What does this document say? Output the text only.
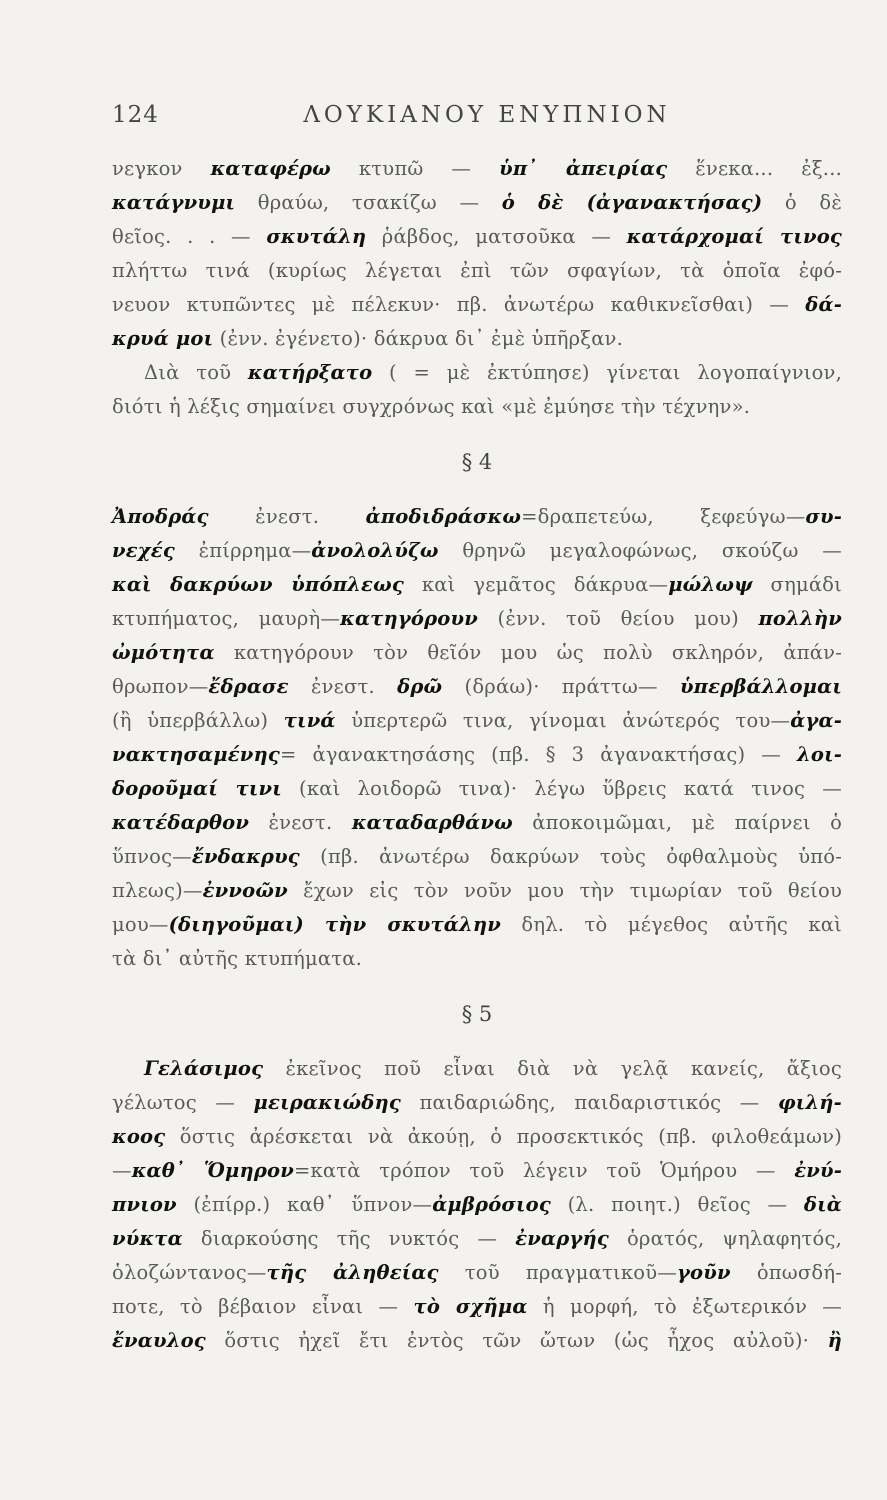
124	ΛΟΥΚΙΑΝΟΥ ΕΝΥΠΝΙΟΝ
νεγκον καταφέρω κτυπῶ — ὑπ᾿ ἀπειρίας ἕνεκα... ἐξ...
κατάγνυμι θραύω, τσακίζω — ὁ δὲ (ἀγανακτήσας) ὁ δὲ
θεῖος. . . — σκυτάλη ῥάβδος, ματσοῦκα — κατάρχομαί τινος
πλήττω τινά (κυρίως λέγεται ἐπὶ τῶν σφαγίων, τὰ ὁποῖα ἐφό-
νευον κτυπῶντες μὲ πέλεκυν· πβ. ἀνωτέρω καθικνεῖσθαι) — δά-
κρυά μοι (ἐνν. ἐγένετο)· δάκρυα δι᾿ ἐμὲ ὑπῆρξαν.
Διὰ τοῦ κατήρξατο ( = μὲ ἐκτύπησε) γίνεται λογοπαίγνιον,
διότι ἡ λέξις σημαίνει συγχρόνως καὶ «μὲ ἐμύησε τὴν τέχνην».
§ 4
Ἀποδράς ἐνεστ. ἀποδιδράσκω=δραπετεύω, ξεφεύγω—συ-
νεχές ἐπίρρημα—ἀνολολύζω θρηνῶ μεγαλοφώνως, σκούζω —
καὶ δακρύων ὑπόπλεως καὶ γεμᾶτος δάκρυα—μώλωψ σημάδι
κτυπήματος, μαυρὴ—κατηγόρουν (ἐνν. τοῦ θείου μου) πολλὴν
ὠμότητα κατηγόρουν τὸν θεῖόν μου ὡς πολὺ σκληρόν, ἀπάν-
θρωπον—ἔδρασε ἐνεστ. δρῶ (δράω)· πράττω— ὑπερβάλλομαι
(ἢ ὑπερβάλλω) τινά ὑπερτερῶ τινα, γίνομαι ἀνώτερός του—ἀγα-
νακτησαμένης= ἀγανακτησάσης (πβ. § 3 ἀγανακτήσας) — λοι-
δοροῦμαί τινι (καὶ λοιδορῶ τινα)· λέγω ὕβρεις κατά τινος —
κατέδαρθον ἐνεστ. καταδαρθάνω ἀποκοιμῶμαι, μὲ παίρνει ὁ
ὕπνος—ἔνδακρυς (πβ. ἀνωτέρω δακρύων τοὺς ὀφθαλμοὺς ὑπό-
πλεως)—ἐννοῶν ἔχων εἰς τὸν νοῦν μου τὴν τιμωρίαν τοῦ θείου
μου—(διηγοῦμαι) τὴν σκυτάλην δηλ. τὸ μέγεθος αὐτῆς καὶ
τὰ δι᾿ αὐτῆς κτυπήματα.
§ 5
Γελάσιμος ἐκεῖνος ποῦ εἶναι διὰ νὰ γελᾷ κανείς, ἄξιος
γέλωτος — μειρακιώδης παιδαριώδης, παιδαριστικός — φιλή-
κοος ὅστις ἀρέσκεται νὰ ἀκούῃ, ὁ προσεκτικός (πβ. φιλοθεάμων)
—καθ᾿ Ὅμηρον=κατὰ τρόπον τοῦ λέγειν τοῦ Ὁμήρου — ἐνύ-
πνιον (ἐπίρρ.) καθ᾿ ὕπνον—ἀμβρόσιος (λ. ποιητ.) θεῖος — διὰ
νύκτα διαρκούσης τῆς νυκτός — ἐναργής ὁρατός, ψηλαφητός,
ὁλοζώντανος—τῆς ἀληθείας τοῦ πραγματικοῦ—γοῦν ὁπωσδή-
ποτε, τὸ βέβαιον εἶναι — τὸ σχῆμα ἡ μορφή, τὸ ἐξωτερικόν —
ἔναυλος ὅστις ἠχεῖ ἔτι ἐντὸς τῶν ὤτων (ὡς ἦχος αὐλοῦ)· ἢ
